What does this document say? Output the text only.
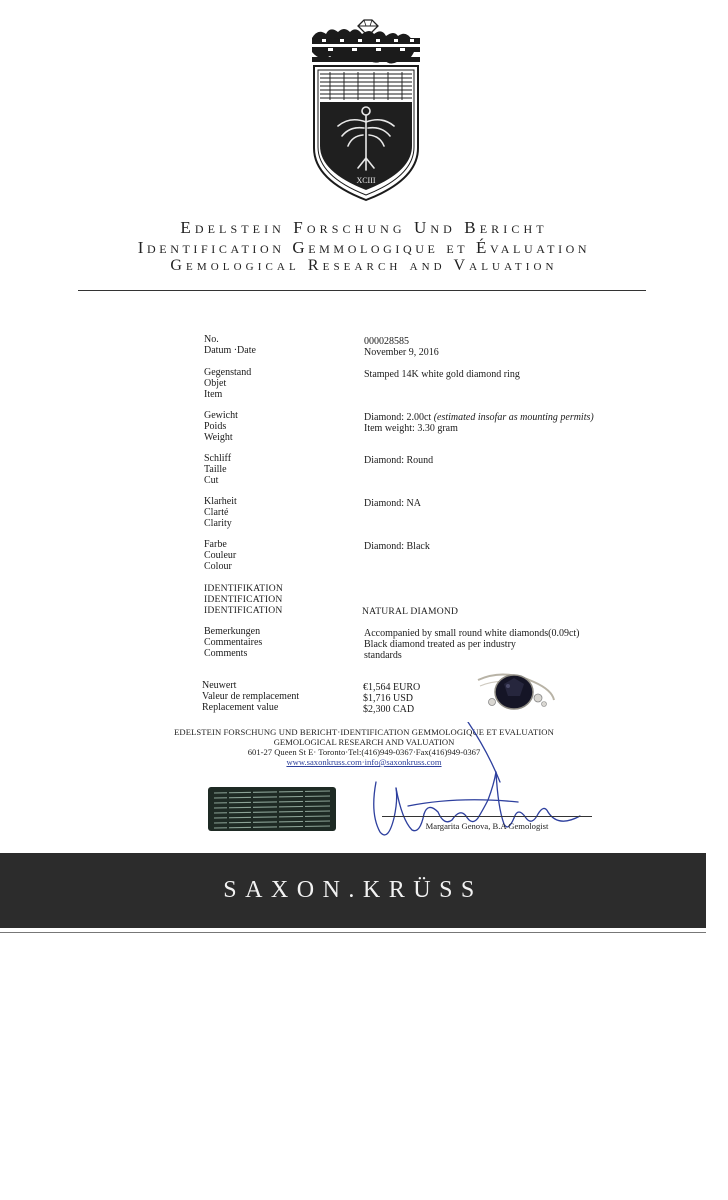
XCIII
Edelstein Forschung Und Bericht
Identification Gemmologique et Évaluation
Gemological Research and Valuation
No.
Datum ·Date
000028585
November 9, 2016
Gegenstand
Objet
Item
Stamped 14K white gold diamond ring
Gewicht
Poids
Weight
Diamond: 2.00ct (estimated insofar as mounting permits)
Item weight: 3.30 gram
Schliff
Taille
Cut
Diamond: Round
Klarheit
Clarté
Clarity
Diamond: NA
Farbe
Couleur
Colour
Diamond: Black
IDENTIFIKATION
IDENTIFICATION
IDENTIFICATION	NATURAL DIAMOND
Bemerkungen
Commentaires
Comments
Accompanied by small round white diamonds(0.09ct)
Black diamond treated as per industry
standards
Neuwert
Valeur de remplacement
Replacement value
€1,564 EURO
$1,716 USD
$2,300 CAD
EDELSTEIN FORSCHUNG UND BERICHT·IDENTIFICATION GEMMOLOGIQUE ET EVALUATION
GEMOLOGICAL RESEARCH AND VALUATION
601-27 Queen St E· Toronto·Tel:(416)949-0367·Fax(416)949-0367
www.saxonkruss.com·info@saxonkruss.com
Margarita Genova, B.A Gemologist
SAXON.KRÜSS
